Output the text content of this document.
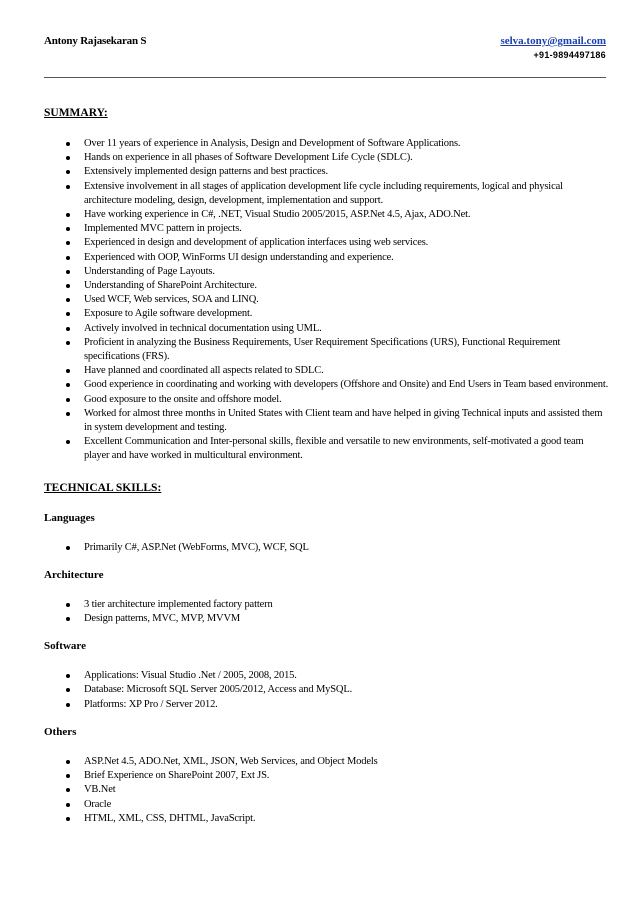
Antony Rajasekaran S	selva.tony@gmail.com
+91-9894497186
SUMMARY:
Over 11 years of experience in Analysis, Design and Development of Software Applications.
Hands on experience in all phases of Software Development Life Cycle (SDLC).
Extensively implemented design patterns and best practices.
Extensive involvement in all stages of application development life cycle including requirements, logical and physical architecture modeling, design, development, implementation and support.
Have working experience in C#, .NET, Visual Studio 2005/2015, ASP.Net 4.5, Ajax, ADO.Net.
Implemented MVC pattern in projects.
Experienced in design and development of application interfaces using web services.
Experienced with OOP, WinForms UI design understanding and experience.
Understanding of Page Layouts.
Understanding of SharePoint Architecture.
Used WCF, Web services, SOA and LINQ.
Exposure to Agile software development.
Actively involved in technical documentation using UML.
Proficient in analyzing the Business Requirements, User Requirement Specifications (URS), Functional Requirement specifications (FRS).
Have planned and coordinated all aspects related to SDLC.
Good experience in coordinating and working with developers (Offshore and Onsite) and End Users in Team based environment.
Good exposure to the onsite and offshore model.
Worked for almost three months in United States with Client team and have helped in giving Technical inputs and assisted them in system development and testing.
Excellent Communication and Inter-personal skills, flexible and versatile to new environments, self-motivated a good team player and have worked in multicultural environment.
TECHNICAL SKILLS:
Languages
Primarily C#, ASP.Net (WebForms, MVC), WCF, SQL
Architecture
3 tier architecture implemented factory pattern
Design patterns, MVC, MVP, MVVM
Software
Applications: Visual Studio .Net / 2005, 2008, 2015.
Database: Microsoft SQL Server 2005/2012, Access and MySQL.
Platforms: XP Pro / Server 2012.
Others
ASP.Net 4.5, ADO.Net, XML, JSON, Web Services, and Object Models
Brief Experience on SharePoint 2007, Ext JS.
VB.Net
Oracle
HTML, XML, CSS, DHTML, JavaScript.
